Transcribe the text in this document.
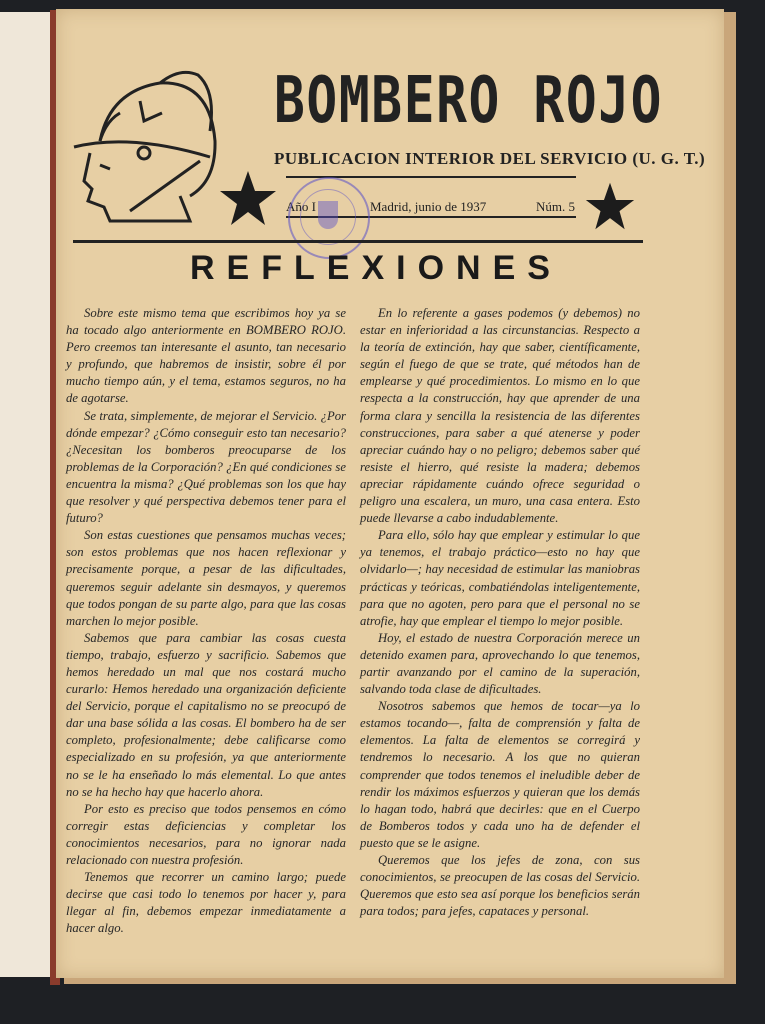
BOMBERO ROJO
PUBLICACION INTERIOR DEL SERVICIO (U. G. T.)
Año I	Madrid, junio de 1937	Núm. 5
REFLEXIONES

Sobre este mismo tema que escribimos hoy ya se ha tocado algo anteriormente en BOMBERO ROJO. Pero creemos tan interesante el asunto, tan necesario y profundo, que habremos de insistir, sobre él por mucho tiempo aún, y el tema, estamos seguros, no ha de agotarse.

Se trata, simplemente, de mejorar el Servicio. ¿Por dónde empezar? ¿Cómo conseguir esto tan necesario? ¿Necesitan los bomberos preocuparse de los problemas de la Corporación? ¿En qué condiciones se encuentra la misma? ¿Qué problemas son los que hay que resolver y qué perspectiva debemos tener para el futuro?

Son estas cuestiones que pensamos muchas veces; son estos problemas que nos hacen reflexionar y precisamente porque, a pesar de las dificultades, queremos seguir adelante sin desmayos, y queremos que todos pongan de su parte algo, para que las cosas marchen lo mejor posible.

Sabemos que para cambiar las cosas cuesta tiempo, trabajo, esfuerzo y sacrificio. Sabemos que hemos heredado un mal que nos costará mucho curarlo: Hemos heredado una organización deficiente del Servicio, porque el capitalismo no se preocupó de dar una base sólida a las cosas. El bombero ha de ser completo, profesionalmente; debe calificarse como especializado en su profesión, ya que anteriormente no se le ha enseñado lo más elemental. Lo que antes no se ha hecho hay que hacerlo ahora.

Por esto es preciso que todos pensemos en cómo corregir estas deficiencias y completar los conocimientos necesarios, para no ignorar nada relacionado con nuestra profesión.

Tenemos que recorrer un camino largo; puede decirse que casi todo lo tenemos por hacer y, para llegar al fin, debemos empezar inmediatamente a hacer algo.

En lo referente a gases podemos (y debemos) no estar en inferioridad a las circunstancias. Respecto a la teoría de extinción, hay que saber, científicamente, según el fuego de que se trate, qué métodos han de emplearse y qué procedimientos. Lo mismo en lo que respecta a la construcción, hay que aprender de una forma clara y sencilla la resistencia de las diferentes construcciones, para saber a qué atenerse y poder apreciar cuándo hay o no peligro; debemos saber qué resiste el hierro, qué resiste la madera; debemos apreciar rápidamente cuándo ofrece seguridad o peligro una escalera, un muro, una casa entera. Esto puede llevarse a cabo indudablemente.

Para ello, sólo hay que emplear y estimular lo que ya tenemos, el trabajo práctico—esto no hay que olvidarlo—; hay necesidad de estimular las maniobras prácticas y teóricas, combatiéndolas inteligentemente, para que no agoten, pero para que el personal no se atrofie, hay que emplear el tiempo lo mejor posible.

Hoy, el estado de nuestra Corporación merece un detenido examen para, aprovechando lo que tenemos, partir avanzando por el camino de la superación, salvando toda clase de dificultades.

Nosotros sabemos que hemos de tocar—ya lo estamos tocando—, falta de comprensión y falta de elementos. La falta de elementos se corregirá y tendremos lo necesario. A los que no quieran comprender que todos tenemos el ineludible deber de rendir los máximos esfuerzos y quieran que los demás lo hagan todo, habrá que decirles: que en el Cuerpo de Bomberos todos y cada uno ha de defender el puesto que se le asigne.

Queremos que los jefes de zona, con sus conocimientos, se preocupen de las cosas del Servicio. Queremos que esto sea así porque los beneficios serán para todos; para jefes, capataces y personal.
